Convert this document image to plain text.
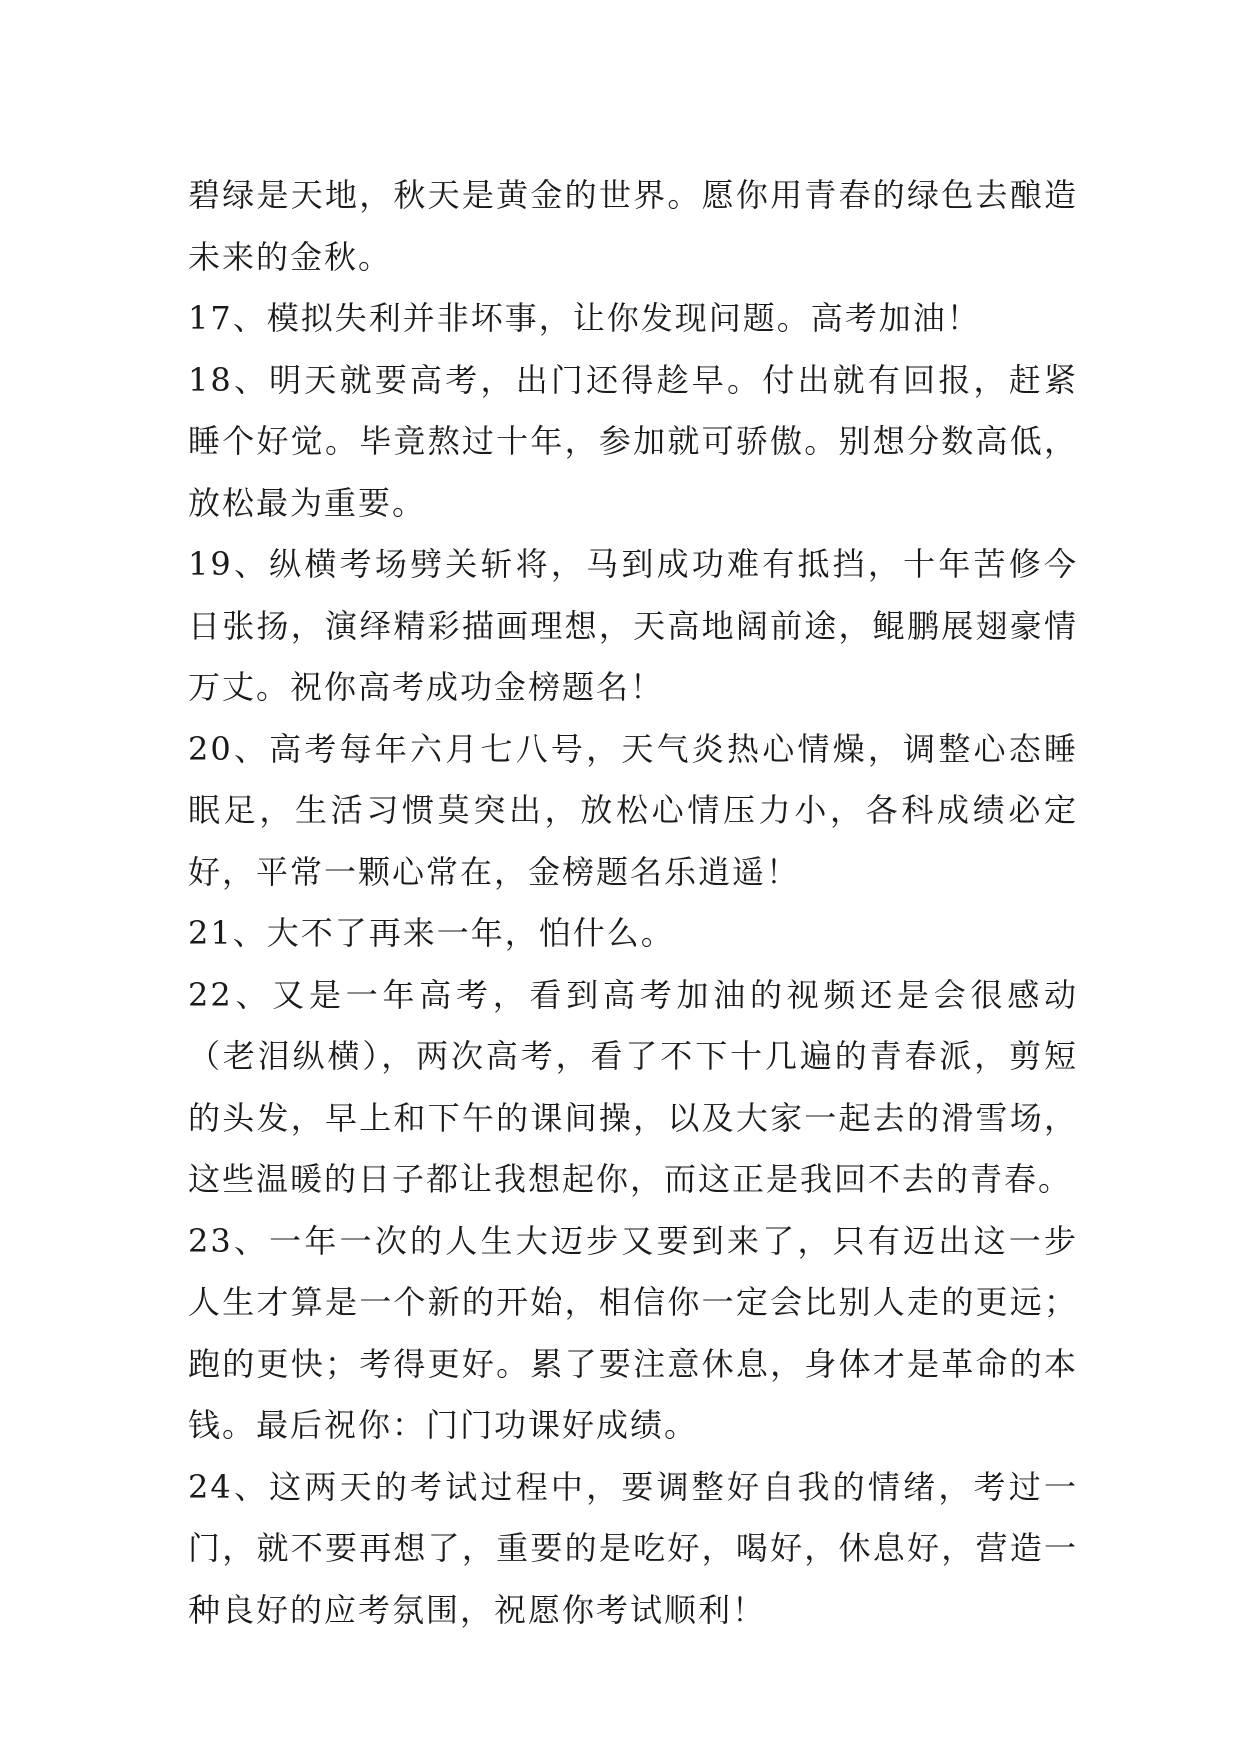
碧绿是天地，秋天是黄金的世界。愿你用青春的绿色去酿造未来的金秋。

17、模拟失利并非坏事，让你发现问题。高考加油！

18、明天就要高考，出门还得趁早。付出就有回报，赶紧睡个好觉。毕竟熬过十年，参加就可骄傲。别想分数高低，放松最为重要。

19、纵横考场劈关斩将，马到成功难有抵挡，十年苦修今日张扬，演绎精彩描画理想，天高地阔前途，鲲鹏展翅豪情万丈。祝你高考成功金榜题名！

20、高考每年六月七八号，天气炎热心情燥，调整心态睡眠足，生活习惯莫突出，放松心情压力小，各科成绩必定好，平常一颗心常在，金榜题名乐逍遥！

21、大不了再来一年，怕什么。

22、又是一年高考，看到高考加油的视频还是会很感动（老泪纵横），两次高考，看了不下十几遍的青春派，剪短的头发，早上和下午的课间操，以及大家一起去的滑雪场，这些温暖的日子都让我想起你，而这正是我回不去的青春。

23、一年一次的人生大迈步又要到来了，只有迈出这一步人生才算是一个新的开始，相信你一定会比别人走的更远；跑的更快；考得更好。累了要注意休息，身体才是革命的本钱。最后祝你：门门功课好成绩。

24、这两天的考试过程中，要调整好自我的情绪，考过一门，就不要再想了，重要的是吃好，喝好，休息好，营造一种良好的应考氛围，祝愿你考试顺利！
